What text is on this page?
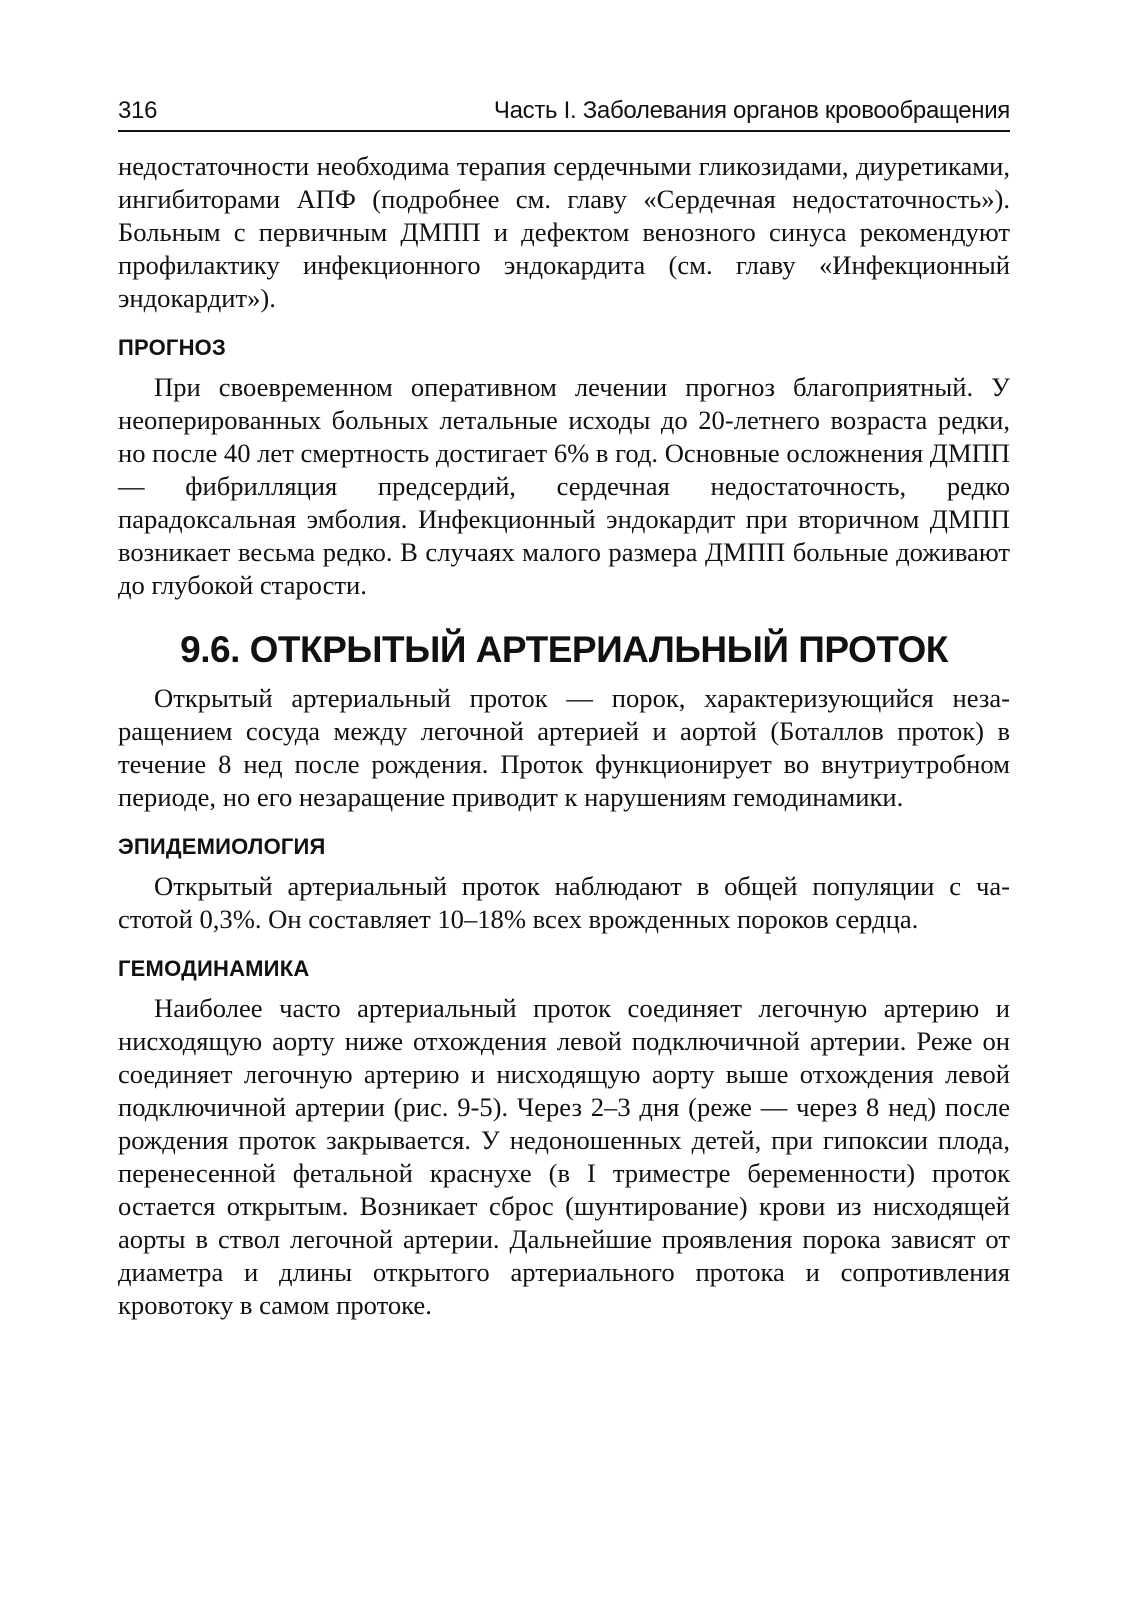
316	Часть I. Заболевания органов кровообращения

недостаточности необходима терапия сердечными гликозидами, диуретиками, ингибиторами АПФ (подробнее см. главу «Сердечная недостаточность»). Больным с первичным ДМПП и дефектом венозного синуса рекомендуют профилактику инфекционного эндокардита (см. главу «Инфекционный эндокардит»).

ПРОГНОЗ

При своевременном оперативном лечении прогноз благоприятный. У неоперированных больных летальные исходы до 20-летнего возраста редки, но после 40 лет смертность достигает 6% в год. Основные осложнения ДМПП — фибрилляция предсердий, сердечная недостаточность, редко парадоксальная эмболия. Инфекционный эндокардит при вторичном ДМПП возникает весьма редко. В случаях малого размера ДМПП больные доживают до глубокой старости.

9.6. ОТКРЫТЫЙ АРТЕРИАЛЬНЫЙ ПРОТОК

Открытый артериальный проток — порок, характеризующийся незаращением сосуда между легочной артерией и аортой (Боталлов проток) в течение 8 нед после рождения. Проток функционирует во внутриутробном периоде, но его незаращение приводит к нарушениям гемодинамики.

ЭПИДЕМИОЛОГИЯ

Открытый артериальный проток наблюдают в общей популяции с частотой 0,3%. Он составляет 10–18% всех врожденных пороков сердца.

ГЕМОДИНАМИКА

Наиболее часто артериальный проток соединяет легочную артерию и нисходящую аорту ниже отхождения левой подключичной артерии. Реже он соединяет легочную артерию и нисходящую аорту выше отхождения левой подключичной артерии (рис. 9-5). Через 2–3 дня (реже — через 8 нед) после рождения проток закрывается. У недоношенных детей, при гипоксии плода, перенесенной фетальной краснухе (в I триместре беременности) проток остается открытым. Возникает сброс (шунтирование) крови из нисходящей аорты в ствол легочной артерии. Дальнейшие проявления порока зависят от диаметра и длины открытого артериального протока и сопротивления кровотоку в самом протоке.
